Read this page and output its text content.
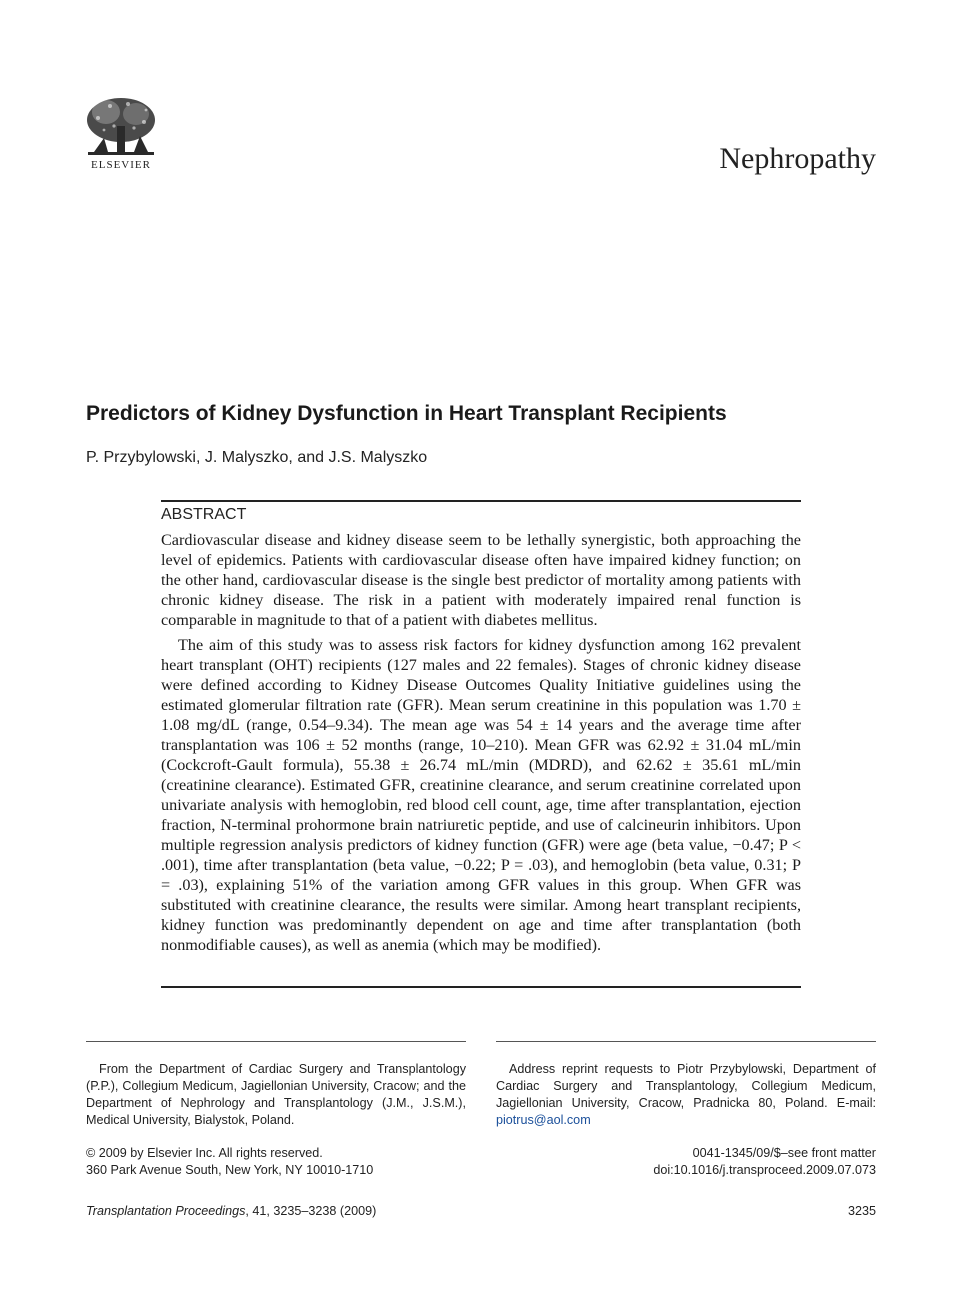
ELSEVIER	Nephropathy
Predictors of Kidney Dysfunction in Heart Transplant Recipients
P. Przybylowski, J. Malyszko, and J.S. Malyszko
ABSTRACT

Cardiovascular disease and kidney disease seem to be lethally synergistic, both approaching the level of epidemics. Patients with cardiovascular disease often have impaired kidney function; on the other hand, cardiovascular disease is the single best predictor of mortality among patients with chronic kidney disease. The risk in a patient with moderately impaired renal function is comparable in magnitude to that of a patient with diabetes mellitus.

The aim of this study was to assess risk factors for kidney dysfunction among 162 prevalent heart transplant (OHT) recipients (127 males and 22 females). Stages of chronic kidney disease were defined according to Kidney Disease Outcomes Quality Initiative guidelines using the estimated glomerular filtration rate (GFR). Mean serum creatinine in this population was 1.70 ± 1.08 mg/dL (range, 0.54–9.34). The mean age was 54 ± 14 years and the average time after transplantation was 106 ± 52 months (range, 10–210). Mean GFR was 62.92 ± 31.04 mL/min (Cockcroft-Gault formula), 55.38 ± 26.74 mL/min (MDRD), and 62.62 ± 35.61 mL/min (creatinine clearance). Estimated GFR, creatinine clearance, and serum creatinine correlated upon univariate analysis with hemoglobin, red blood cell count, age, time after transplantation, ejection fraction, N-terminal prohormone brain natriuretic peptide, and use of calcineurin inhibitors. Upon multiple regression analysis predictors of kidney function (GFR) were age (beta value, −0.47; P < .001), time after transplantation (beta value, −0.22; P = .03), and hemoglobin (beta value, 0.31; P = .03), explaining 51% of the variation among GFR values in this group. When GFR was substituted with creatinine clearance, the results were similar. Among heart transplant recipients, kidney function was predominantly dependent on age and time after transplantation (both nonmodifiable causes), as well as anemia (which may be modified).

From the Department of Cardiac Surgery and Transplantology (P.P.), Collegium Medicum, Jagiellonian University, Cracow; and the Department of Nephrology and Transplantology (J.M., J.S.M.), Medical University, Bialystok, Poland.
Address reprint requests to Piotr Przybylowski, Department of Cardiac Surgery and Transplantology, Collegium Medicum, Jagiellonian University, Cracow, Pradnicka 80, Poland. E-mail: piotrus@aol.com
© 2009 by Elsevier Inc. All rights reserved.
360 Park Avenue South, New York, NY 10010-1710
0041-1345/09/$–see front matter
doi:10.1016/j.transproceed.2009.07.073
Transplantation Proceedings, 41, 3235–3238 (2009)	3235
